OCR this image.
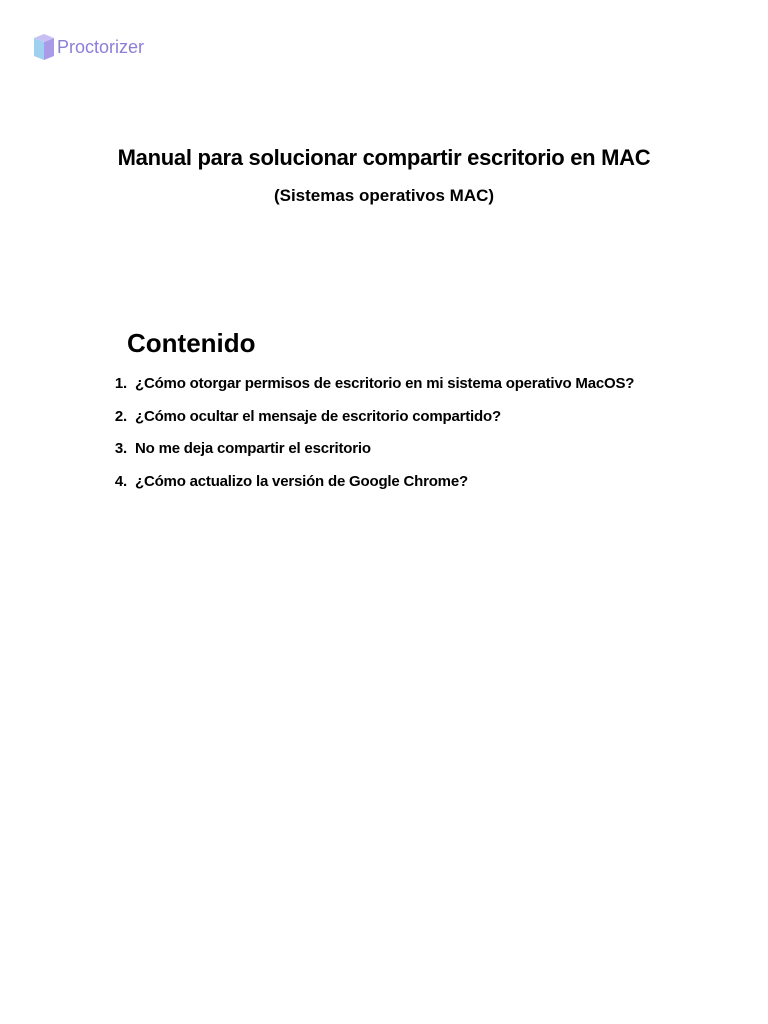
Proctorizer
Manual para solucionar compartir escritorio en MAC

(Sistemas operativos MAC)

Contenido
1. ¿Cómo otorgar permisos de escritorio en mi sistema operativo MacOS?
2. ¿Cómo ocultar el mensaje de escritorio compartido?
3. No me deja compartir el escritorio
4. ¿Cómo actualizo la versión de Google Chrome?
